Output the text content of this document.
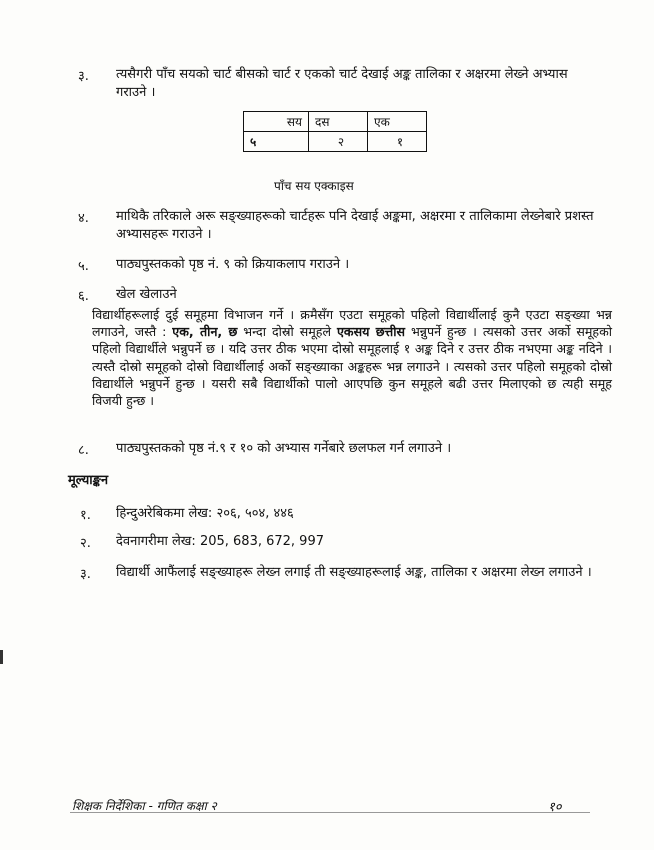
३. त्यसैगरी पाँच सयको चार्ट बीसको चार्ट र एकको चार्ट देखाई अङ्क तालिका र अक्षरमा लेख्ने अभ्यास गराउने ।
सय	दस	एक
५	२	१
पाँच सय एक्काइस
४. माथिकै तरिकाले अरू सङ्ख्याहरूको चार्टहरू पनि देखाई अङ्कमा, अक्षरमा र तालिकामा लेख्नेबारे प्रशस्त अभ्यासहरू गराउने ।
५. पाठ्यपुस्तकको पृष्ठ नं. ९ को क्रियाकलाप गराउने ।
६. खेल खेलाउने
विद्यार्थीहरूलाई दुई समूहमा विभाजन गर्ने । क्रमैसँग एउटा समूहको पहिलो विद्यार्थीलाई कुनै एउटा सङ्ख्या भन्न लगाउने, जस्तै : एक, तीन, छ भन्दा दोस्रो समूहले एकसय छत्तीस भन्नुपर्ने हुन्छ । त्यसको उत्तर अर्को समूहको पहिलो विद्यार्थीले भन्नुपर्ने छ । यदि उत्तर ठीक भएमा दोस्रो समूहलाई १ अङ्क दिने र उत्तर ठीक नभएमा अङ्क नदिने । त्यस्तै दोस्रो समूहको दोस्रो विद्यार्थीलाई अर्को सङ्ख्याका अङ्कहरू भन्न लगाउने । त्यसको उत्तर पहिलो समूहको दोस्रो विद्यार्थीले भन्नुपर्ने हुन्छ । यसरी सबै विद्यार्थीको पालो आएपछि कुन समूहले बढी उत्तर मिलाएको छ त्यही समूह विजयी हुन्छ ।
८. पाठ्यपुस्तकको पृष्ठ नं.९ र १० को अभ्यास गर्नेबारे छलफल गर्न लगाउने ।
मूल्याङ्कन
१. हिन्दुअरेबिकमा लेख: २०६, ५०४, ४४६
२. देवनागरीमा लेख: 205, 683, 672, 997
३. विद्यार्थी आफैंलाई सङ्ख्याहरू लेख्न लगाई ती सङ्ख्याहरूलाई अङ्क, तालिका र अक्षरमा लेख्न लगाउने ।
शिक्षक निर्देशिका - गणित कक्षा २	१०
